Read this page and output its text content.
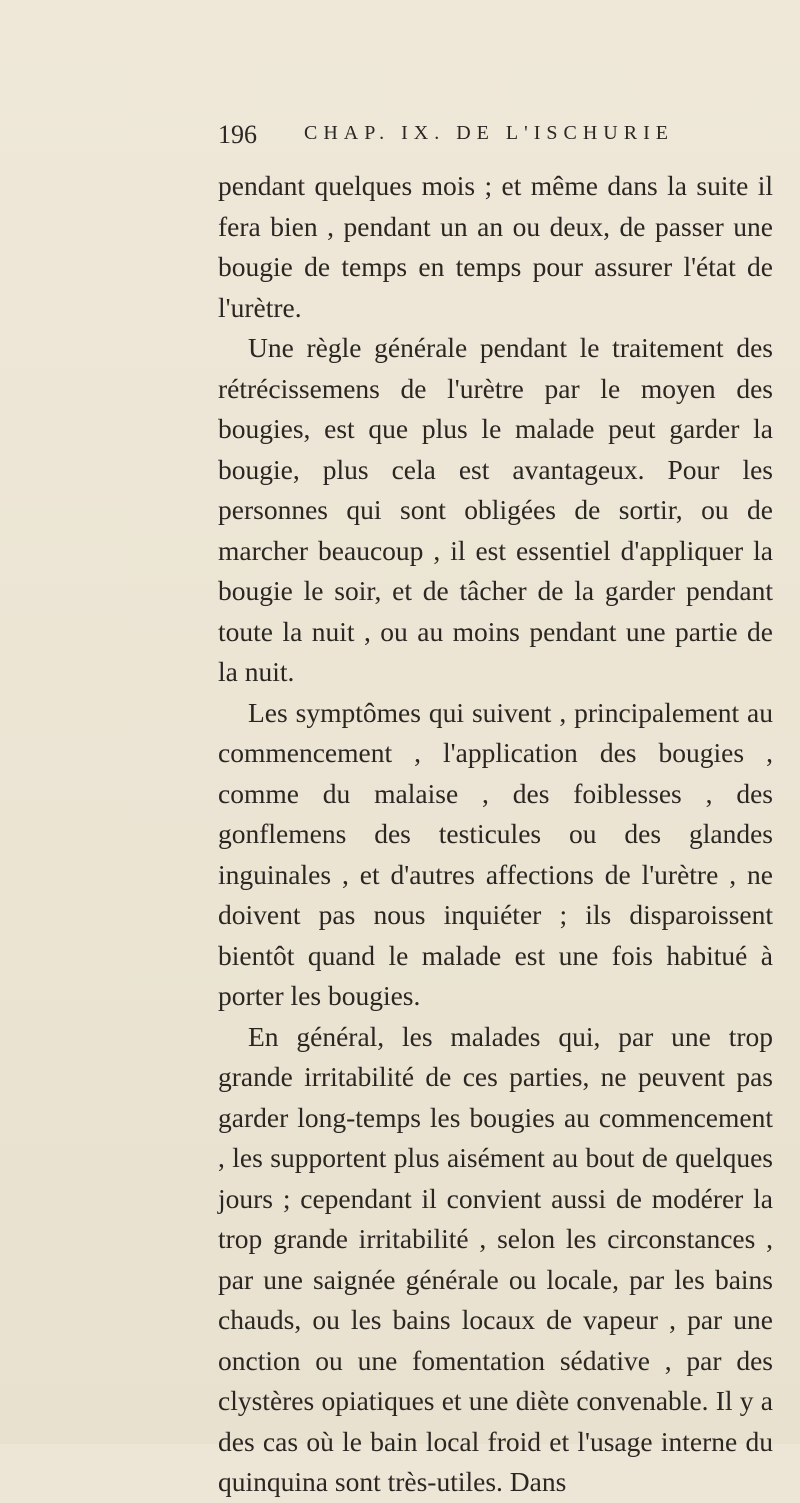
196 CHAP. IX. DE L'ISCHURIE

pendant quelques mois ; et même dans la suite il fera bien , pendant un an ou deux, de passer une bougie de temps en temps pour assurer l'état de l'urètre.

Une règle générale pendant le traitement des rétrécissemens de l'urètre par le moyen des bougies, est que plus le malade peut garder la bougie, plus cela est avantageux. Pour les personnes qui sont obligées de sortir, ou de marcher beaucoup , il est essentiel d'appliquer la bougie le soir, et de tâcher de la garder pendant toute la nuit , ou au moins pendant une partie de la nuit.

Les symptômes qui suivent , principalement au commencement , l'application des bougies , comme du malaise , des foiblesses , des gonflemens des testicules ou des glandes inguinales , et d'autres affections de l'urètre , ne doivent pas nous inquiéter ; ils disparoissent bientôt quand le malade est une fois habitué à porter les bougies.

En général, les malades qui, par une trop grande irritabilité de ces parties, ne peuvent pas garder long-temps les bougies au commencement , les supportent plus aisément au bout de quelques jours ; cependant il convient aussi de modérer la trop grande irritabilité , selon les circonstances , par une saignée générale ou locale, par les bains chauds, ou les bains locaux de vapeur , par une onction ou une fomentation sédative , par des clystères opiatiques et une diète convenable. Il y a des cas où le bain local froid et l'usage interne du quinquina sont très-utiles. Dans
